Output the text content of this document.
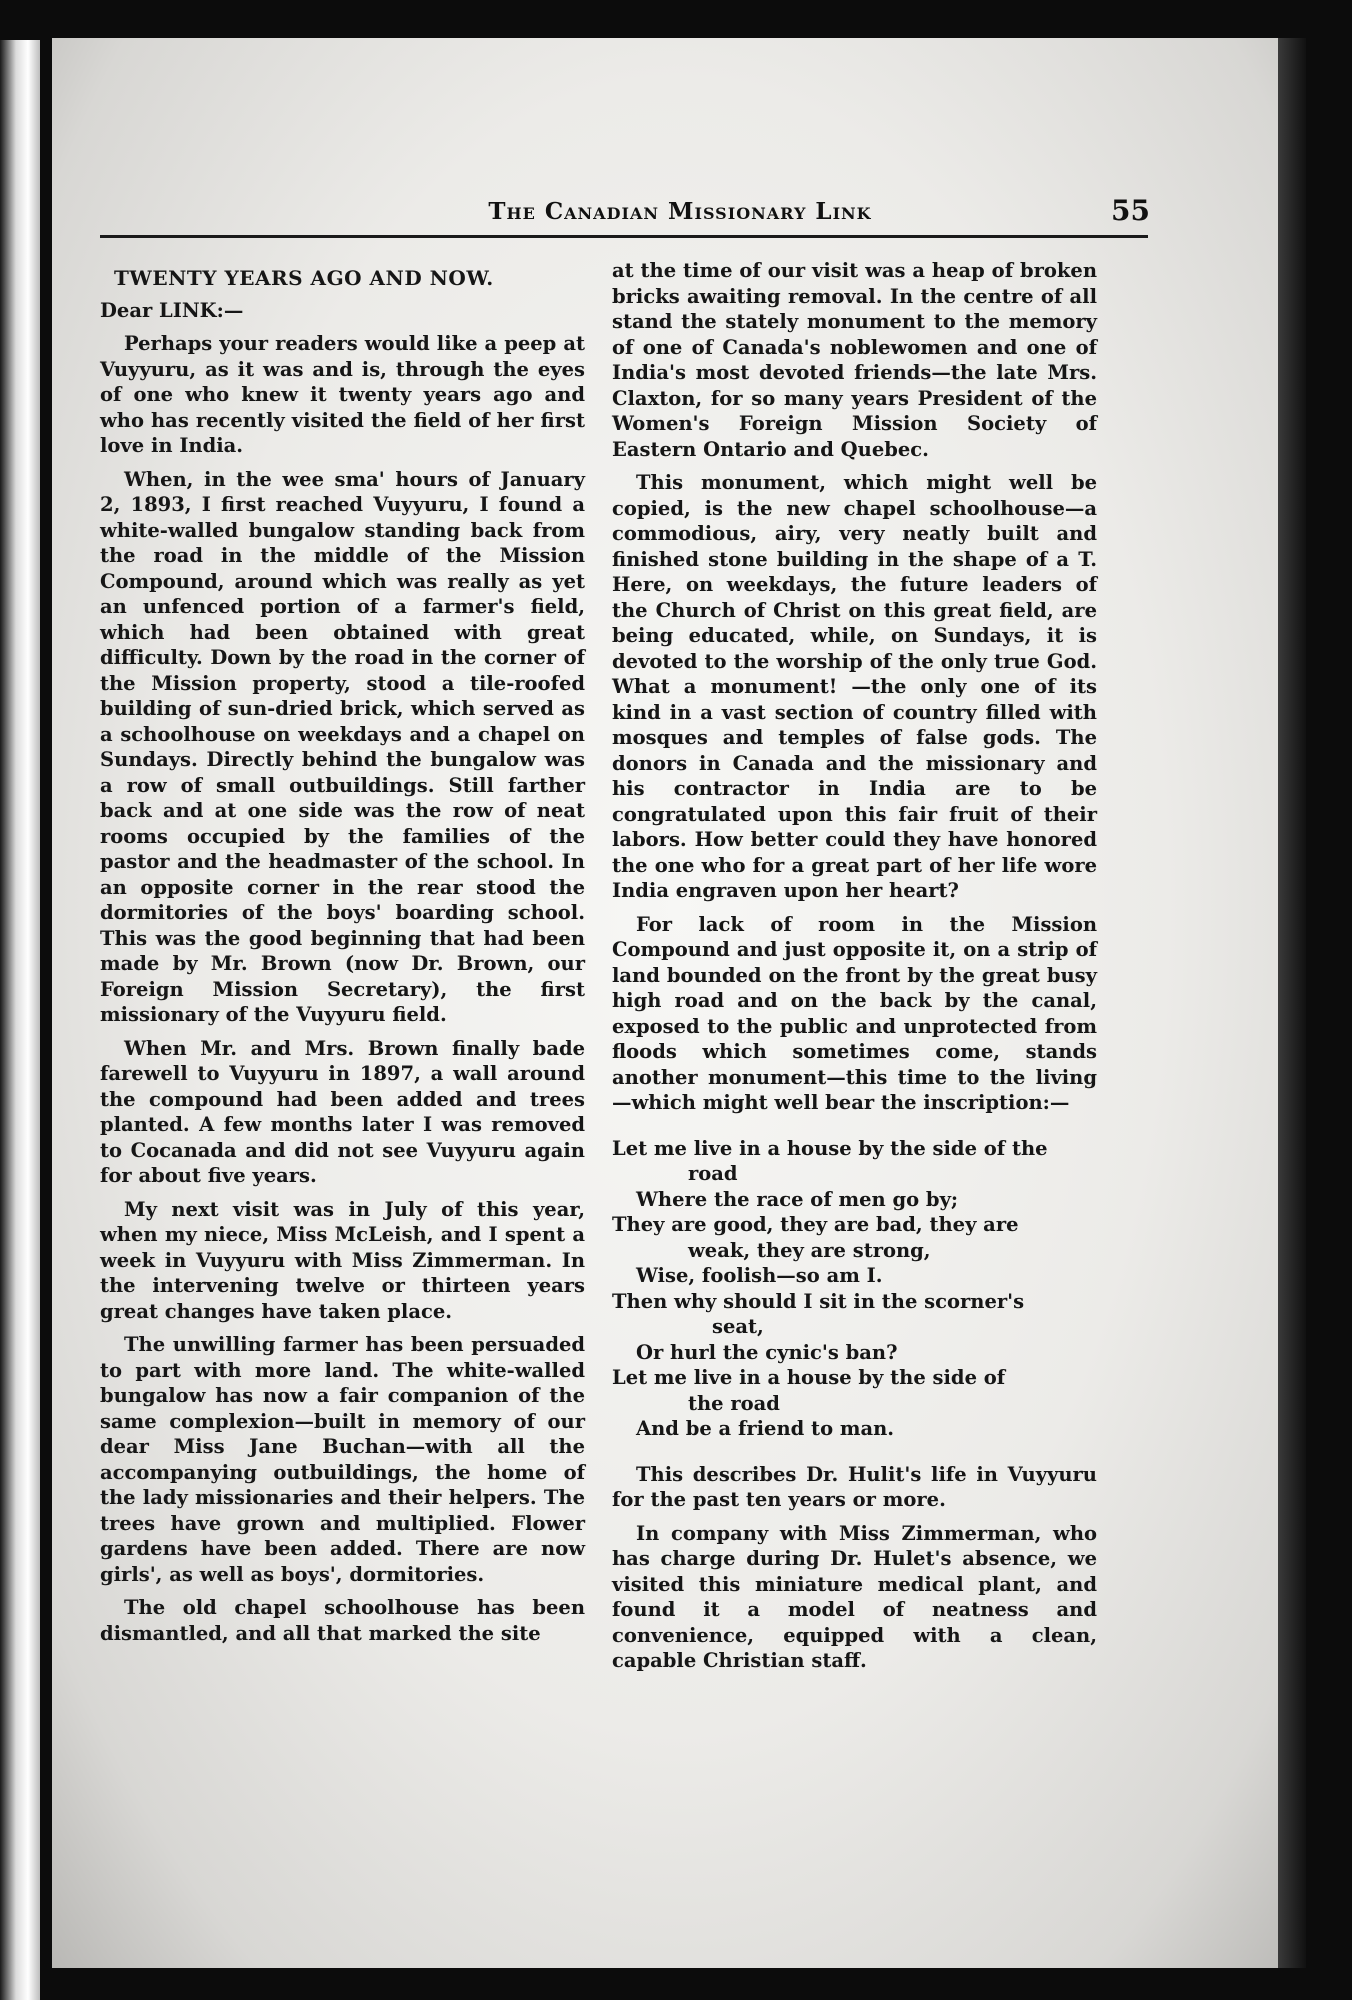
The Canadian Missionary Link	55
TWENTY YEARS AGO AND NOW.

Dear LINK:—

Perhaps your readers would like a peep at Vuyyuru, as it was and is, through the eyes of one who knew it twenty years ago and who has recently visited the field of her first love in India.

When, in the wee sma' hours of January 2, 1893, I first reached Vuyyuru, I found a white-walled bungalow standing back from the road in the middle of the Mission Compound, around which was really as yet an unfenced portion of a farmer's field, which had been obtained with great difficulty. Down by the road in the corner of the Mission property, stood a tile-roofed building of sun-dried brick, which served as a schoolhouse on weekdays and a chapel on Sundays. Directly behind the bungalow was a row of small outbuildings. Still farther back and at one side was the row of neat rooms occupied by the families of the pastor and the headmaster of the school. In an opposite corner in the rear stood the dormitories of the boys' boarding school. This was the good beginning that had been made by Mr. Brown (now Dr. Brown, our Foreign Mission Secretary), the first missionary of the Vuyyuru field.

When Mr. and Mrs. Brown finally bade farewell to Vuyyuru in 1897, a wall around the compound had been added and trees planted. A few months later I was removed to Cocanada and did not see Vuyyuru again for about five years.

My next visit was in July of this year, when my niece, Miss McLeish, and I spent a week in Vuyyuru with Miss Zimmerman. In the intervening twelve or thirteen years great changes have taken place.

The unwilling farmer has been persuaded to part with more land. The white-walled bungalow has now a fair companion of the same complexion—built in memory of our dear Miss Jane Buchan—with all the accompanying outbuildings, the home of the lady missionaries and their helpers. The trees have grown and multiplied. Flower gardens have been added. There are now girls', as well as boys', dormitories.

The old chapel schoolhouse has been dismantled, and all that marked the site

at the time of our visit was a heap of broken bricks awaiting removal. In the centre of all stand the stately monument to the memory of one of Canada's noblewomen and one of India's most devoted friends—the late Mrs. Claxton, for so many years President of the Women's Foreign Mission Society of Eastern Ontario and Quebec.

This monument, which might well be copied, is the new chapel schoolhouse—a commodious, airy, very neatly built and finished stone building in the shape of a T. Here, on weekdays, the future leaders of the Church of Christ on this great field, are being educated, while, on Sundays, it is devoted to the worship of the only true God. What a monument! —the only one of its kind in a vast section of country filled with mosques and temples of false gods. The donors in Canada and the missionary and his contractor in India are to be congratulated upon this fair fruit of their labors. How better could they have honored the one who for a great part of her life wore India engraven upon her heart?

For lack of room in the Mission Compound and just opposite it, on a strip of land bounded on the front by the great busy high road and on the back by the canal, exposed to the public and unprotected from floods which sometimes come, stands another monument—this time to the living—which might well bear the inscription:—

Let me live in a house by the side of the
road
Where the race of men go by;
They are good, they are bad, they are
weak, they are strong,
Wise, foolish—so am I.
Then why should I sit in the scorner's
seat,
Or hurl the cynic's ban?
Let me live in a house by the side of
the road
And be a friend to man.

This describes Dr. Hulit's life in Vuyyuru for the past ten years or more.

In company with Miss Zimmerman, who has charge during Dr. Hulet's absence, we visited this miniature medical plant, and found it a model of neatness and convenience, equipped with a clean, capable Christian staff.
